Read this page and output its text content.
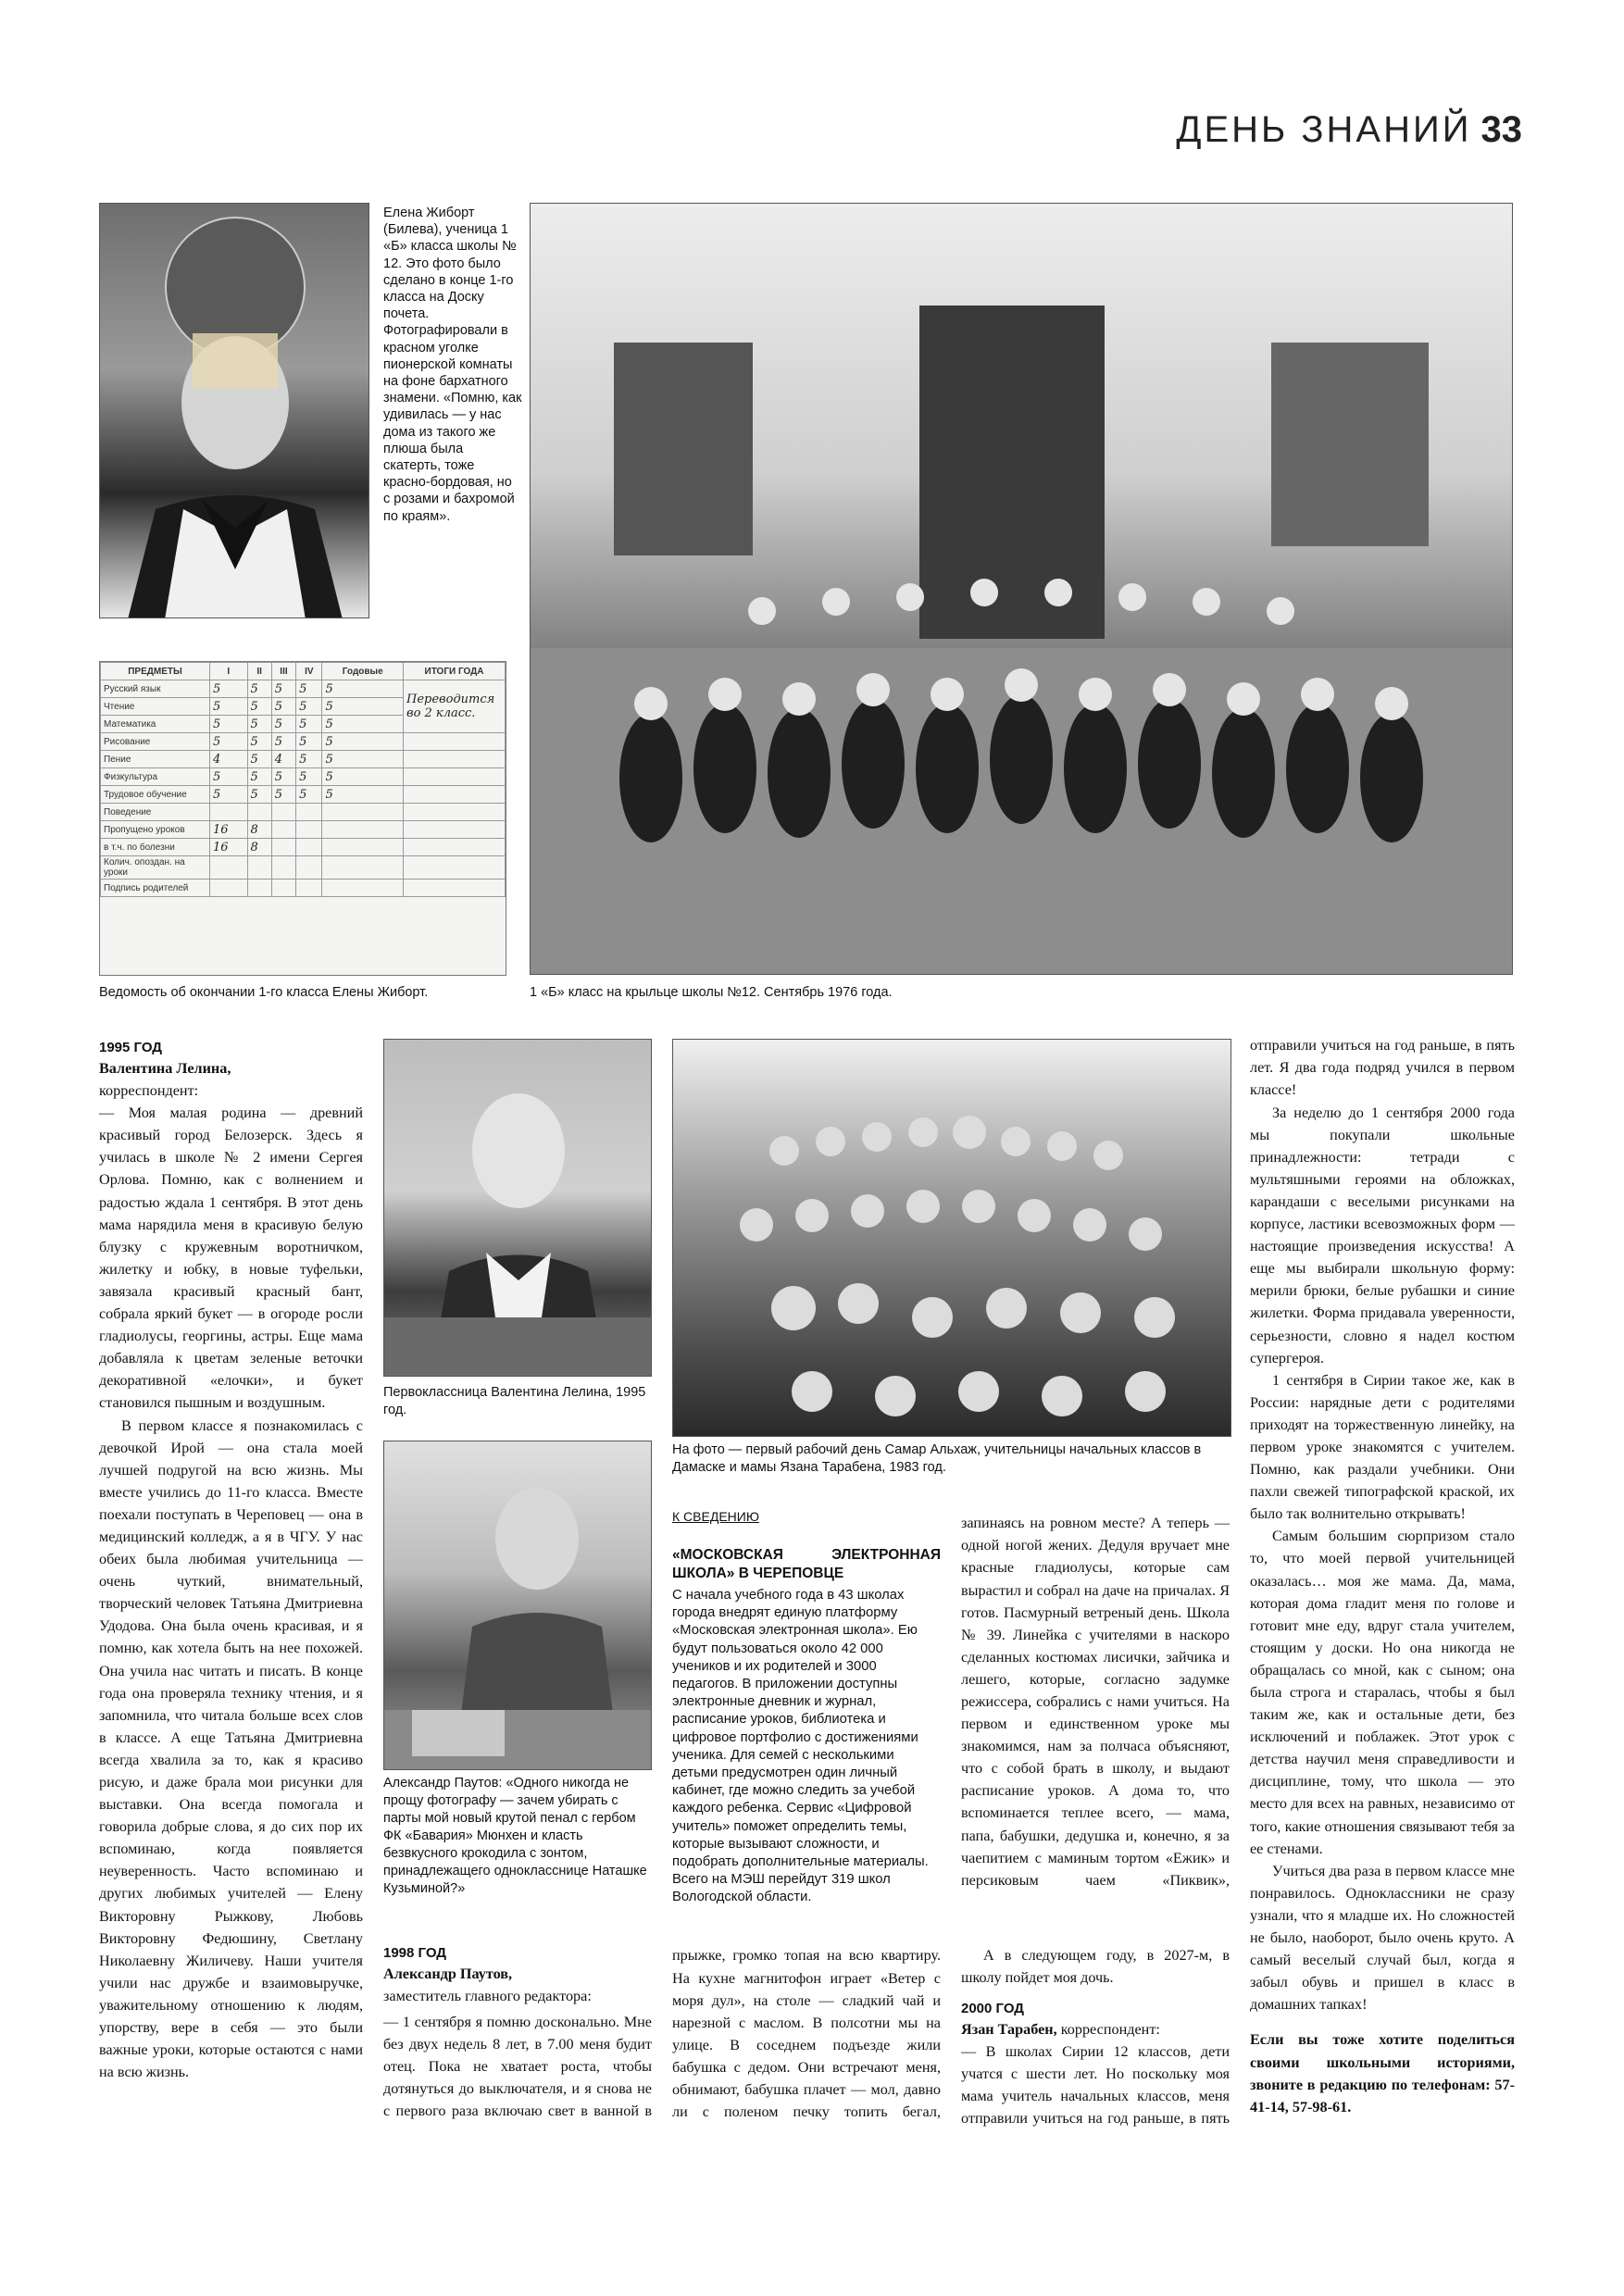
ДЕНЬ ЗНАНИЙ 33
Елена Жиборт (Билева), ученица 1 «Б» класса школы № 12. Это фото было сделано в конце 1-го класса на Доску почета. Фотографировали в красном уголке пионерской комнаты на фоне бархатного знамени. «Помню, как удивилась — у нас дома из такого же плюша была скатерть, тоже красно-бордовая, но с розами и бахромой по краям».
ПРЕДМЕТЫ	I	II	III	IV	Годовые	ИТОГИ ГОДА
Русский язык	5	5	5	5	5	Переводится во 2 класс.
Чтение	5	5	5	5	5	
Математика	5	5	5	5	5	
Рисование	5	5	5	5	5	
Пение	4	5	4	5	5	
Физкультура	5	5	5	5	5	
Трудовое обучение	5	5	5	5	5	
Поведение						
Пропущено уроков	16	8				
в т.ч. по болезни	16	8				
Колич. опоздан. на уроки						
Подпись родителей						
Ведомость об окончании 1-го класса Елены Жиборт.	1 «Б» класс на крыльце школы №12. Сентябрь 1976 года.
1995 ГОД
Валентина Лелина,
корреспондент:

— Моя малая родина — древний красивый город Белозерск. Здесь я училась в школе № 2 имени Сергея Орлова. Помню, как с волнением и радостью ждала 1 сентября. В этот день мама нарядила меня в красивую белую блузку с кружевным воротничком, жилетку и юбку, в новые туфельки, завязала красивый красный бант, собрала яркий букет — в огороде росли гладиолусы, георгины, астры. Еще мама добавляла к цветам зеленые веточки декоративной «елочки», и букет становился пышным и воздушным.

В первом классе я познакомилась с девочкой Ирой — она стала моей лучшей подругой на всю жизнь. Мы вместе учились до 11-го класса. Вместе поехали поступать в Череповец — она в медицинский колледж, а я в ЧГУ. У нас обеих была любимая учительница — очень чуткий, внимательный, творческий человек Татьяна Дмитриевна Удодова. Она была очень красивая, и я помню, как хотела быть на нее похожей. Она учила нас читать и писать. В конце года она проверяла технику чтения, и я запомнила, что читала больше всех слов в классе. А еще Татьяна Дмитриевна всегда хвалила за то, как я красиво рисую, и даже брала мои рисунки для выставки. Она всегда помогала и говорила добрые слова, я до сих пор их вспоминаю, когда появляется неуверенность. Часто вспоминаю и других любимых учителей — Елену Викторовну Рыжкову, Любовь Викторовну Федюшину, Светлану Николаевну Жиличеву. Наши учителя учили нас дружбе и взаимовыручке, уважительному отношению к людям, упорству, вере в себя — это были важные уроки, которые остаются с нами на всю жизнь.

Первоклассница Валентина Лелина, 1995 год.
Александр Паутов: «Одного никогда не прощу фотографу — зачем убирать с парты мой новый крутой пенал с гербом ФК «Бавария» Мюнхен и класть безвкусного крокодила с зонтом, принадлежащего однокласснице Наташке Кузьминой?»
1998 ГОД
Александр Паутов,
заместитель главного редактора:
На фото — первый рабочий день Самар Альхаж, учительницы начальных классов в Дамаске и мамы Язана Тарабена, 1983 год.
К СВЕДЕНИЮ
«МОСКОВСКАЯ ЭЛЕКТРОННАЯ ШКОЛА» В ЧЕРЕПОВЦЕ
С начала учебного года в 43 школах города внедрят единую платформу «Московская электронная школа». Ею будут пользоваться около 42 000 учеников и их родителей и 3000 педагогов. В приложении доступны электронные дневник и журнал, расписание уроков, библиотека и цифровое портфолио с достижениями ученика. Для семей с несколькими детьми предусмотрен один личный кабинет, где можно следить за учебой каждого ребенка. Сервис «Цифровой учитель» поможет определить темы, которые вызывают сложности, и подобрать дополнительные материалы. Всего на МЭШ перейдут 319 школ Вологодской области.

— 1 сентября я помню досконально. Мне без двух недель 8 лет, в 7.00 меня будит отец. Пока не хватает роста, чтобы дотянуться до выключателя, и я снова не с первого раза включаю свет в ванной в

прыжке, громко топая на всю квартиру. На кухне магнитофон играет «Ветер с моря дул», на столе — сладкий чай и нарезной с маслом. В полсотни мы на улице. В соседнем подъезде жили бабушка с дедом. Они встречают меня, обнимают, бабушка плачет — мол, давно ли с поленом печку топить бегал,

запинаясь на ровном месте? А теперь — одной ногой жених. Дедуля вручает мне красные гладиолусы, которые сам вырастил и собрал на даче на причалах. Я готов. Пасмурный ветреный день. Школа № 39. Линейка с учителями в наскоро сделанных костюмах лисички, зайчика и лешего, которые, согласно задумке режиссера, собрались с нами учиться. На первом и единственном уроке мы знакомимся, нам за полчаса объясняют, что с собой брать в школу, и выдают расписание уроков. А дома то, что вспоминается теплее всего, — мама, папа, бабушки, дедушка и, конечно, я за чаепитием с маминым тортом «Ежик» и персиковым чаем «Пиквик»,

А в следующем году, в 2027-м, в школу пойдет моя дочь.

2000 ГОД
Язан Тарабен, корреспондент:

— В школах Сирии 12 классов, дети учатся с шести лет. Но поскольку моя мама учитель начальных классов, меня отправили учиться на год раньше, в пять

отправили учиться на год раньше, в пять лет. Я два года подряд учился в первом классе!

За неделю до 1 сентября 2000 года мы покупали школьные принадлежности: тетради с мультяшными героями на обложках, карандаши с веселыми рисунками на корпусе, ластики всевозможных форм — настоящие произведения искусства! А еще мы выбирали школьную форму: мерили брюки, белые рубашки и синие жилетки. Форма придавала уверенности, серьезности, словно я надел костюм супергероя.

1 сентября в Сирии такое же, как в России: нарядные дети с родителями приходят на торжественную линейку, на первом уроке знакомятся с учителем. Помню, как раздали учебники. Они пахли свежей типографской краской, их было так волнительно открывать!

Самым большим сюрпризом стало то, что моей первой учительницей оказалась… моя же мама. Да, мама, которая дома гладит меня по голове и готовит мне еду, вдруг стала учителем, стоящим у доски. Но она никогда не обращалась со мной, как с сыном; она была строга и старалась, чтобы я был таким же, как и остальные дети, без исключений и поблажек. Этот урок с детства научил меня справедливости и дисциплине, тому, что школа — это место для всех на равных, независимо от того, какие отношения связывают тебя за ее стенами.

Учиться два раза в первом классе мне понравилось. Одноклассники не сразу узнали, что я младше их. Но сложностей не было, наоборот, было очень круто. А самый веселый случай был, когда я забыл обувь и пришел в класс в домашних тапках!

Если вы тоже хотите поделиться своими школьными историями, звоните в редакцию по телефонам: 57-41-14, 57-98-61.
